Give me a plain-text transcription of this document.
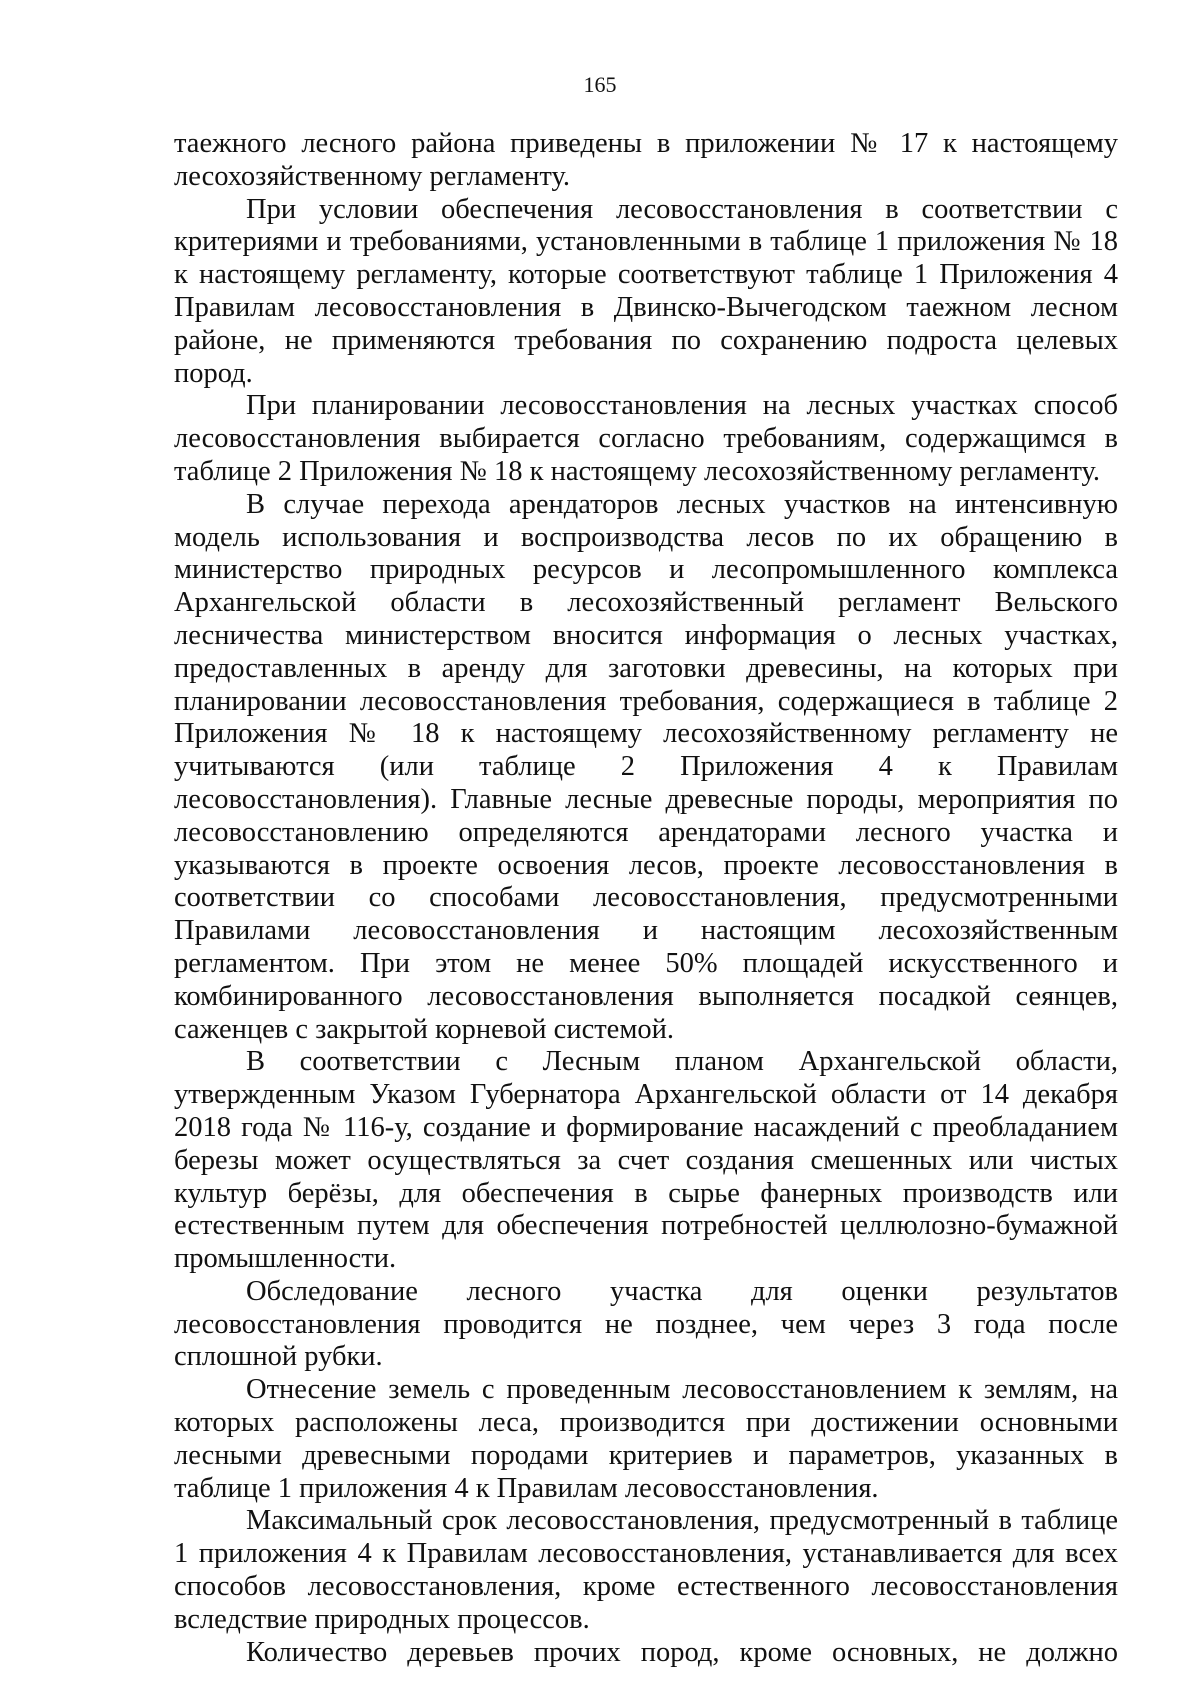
165

таежного лесного района приведены в приложении № 17 к настоящему лесохозяйственному регламенту.

При условии обеспечения лесовосстановления в соответствии с критериями и требованиями, установленными в таблице 1 приложения № 18 к настоящему регламенту, которые соответствуют таблице 1 Приложения 4 Правилам лесовосстановления в Двинско-Вычегодском таежном лесном районе, не применяются требования по сохранению подроста целевых пород.

При планировании лесовосстановления на лесных участках способ лесовосстановления выбирается согласно требованиям, содержащимся в таблице 2 Приложения № 18 к настоящему лесохозяйственному регламенту.

В случае перехода арендаторов лесных участков на интенсивную модель использования и воспроизводства лесов по их обращению в министерство природных ресурсов и лесопромышленного комплекса Архангельской области в лесохозяйственный регламент Вельского лесничества министерством вносится информация о лесных участках, предоставленных в аренду для заготовки древесины, на которых при планировании лесовосстановления требования, содержащиеся в таблице 2 Приложения № 18 к настоящему лесохозяйственному регламенту не учитываются (или таблице 2 Приложения 4 к Правилам лесовосстановления). Главные лесные древесные породы, мероприятия по лесовосстановлению определяются арендаторами лесного участка и указываются в проекте освоения лесов, проекте лесовосстановления в соответствии со способами лесовосстановления, предусмотренными Правилами лесовосстановления и настоящим лесохозяйственным регламентом. При этом не менее 50% площадей искусственного и комбинированного лесовосстановления выполняется посадкой сеянцев, саженцев с закрытой корневой системой.

В соответствии с Лесным планом Архангельской области, утвержденным Указом Губернатора Архангельской области от 14 декабря 2018 года № 116-у, создание и формирование насаждений с преобладанием березы может осуществляться за счет создания смешенных или чистых культур берёзы, для обеспечения в сырье фанерных производств или естественным путем для обеспечения потребностей целлюлозно-бумажной промышленности.

Обследование лесного участка для оценки результатов лесовосстановления проводится не позднее, чем через 3 года после сплошной рубки.

Отнесение земель с проведенным лесовосстановлением к землям, на которых расположены леса, производится при достижении основными лесными древесными породами критериев и параметров, указанных в таблице 1 приложения 4 к Правилам лесовосстановления.

Максимальный срок лесовосстановления, предусмотренный в таблице 1 приложения 4 к Правилам лесовосстановления, устанавливается для всех способов лесовосстановления, кроме естественного лесовосстановления вследствие природных процессов.

Количество деревьев прочих пород, кроме основных, не должно
